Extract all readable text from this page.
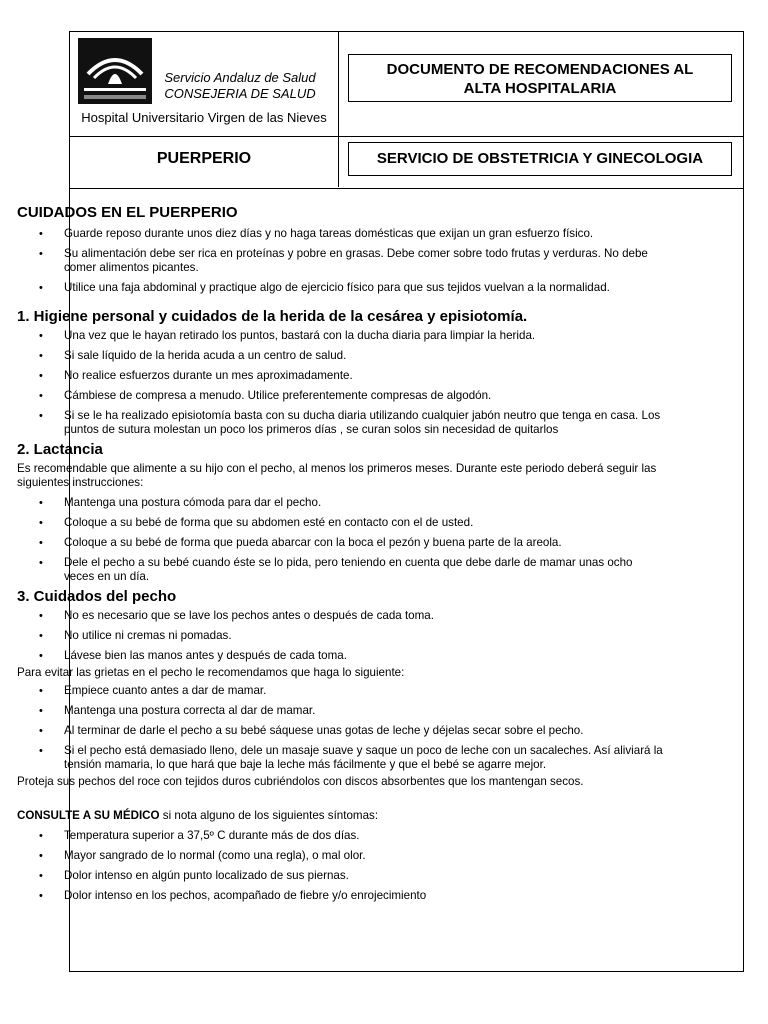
Servicio Andaluz de Salud
CONSEJERIA DE SALUD
Hospital Universitario Virgen de las Nieves
PUERPERIO
DOCUMENTO DE RECOMENDACIONES AL
ALTA HOSPITALARIA
SERVICIO DE OBSTETRICIA Y GINECOLOGIA
CUIDADOS EN EL PUERPERIO
• Guarde reposo durante unos diez días y no haga tareas domésticas que exijan un gran esfuerzo físico.
• Su alimentación debe ser rica en proteínas y pobre en grasas. Debe comer sobre todo frutas y verduras. No debe comer alimentos picantes.
• Utilice una faja abdominal y practique algo de ejercicio físico para que sus tejidos vuelvan a la normalidad.
1. Higiene personal y cuidados de la herida de la cesárea y episiotomía.
• Una vez que le hayan retirado los puntos, bastará con la ducha diaria para limpiar la herida.
• Si sale líquido de la herida acuda a un centro de salud.
• No realice esfuerzos durante un mes aproximadamente.
• Cámbiese de compresa a menudo. Utilice preferentemente compresas de algodón.
• Si se le ha realizado episiotomía basta con su ducha diaria utilizando cualquier jabón neutro que tenga en casa. Los puntos de sutura molestan un poco los primeros días , se curan solos sin necesidad de quitarlos
2. Lactancia

Es recomendable que alimente a su hijo con el pecho, al menos los primeros meses. Durante este periodo deberá seguir las siguientes instrucciones:

• Mantenga una postura cómoda para dar el pecho.
• Coloque a su bebé de forma que su abdomen esté en contacto con el de usted.
• Coloque a su bebé de forma que pueda abarcar con la boca el pezón y buena parte de la areola.
• Dele el pecho a su bebé cuando éste se lo pida, pero teniendo en cuenta que debe darle de mamar unas ocho veces en un día.
3. Cuidados del pecho
• No es necesario que se lave los pechos antes o después de cada toma.
• No utilice ni cremas ni pomadas.
• Lávese bien las manos antes y después de cada toma.

Para evitar las grietas en el pecho le recomendamos que haga lo siguiente:

• Empiece cuanto antes a dar de mamar.
• Mantenga una postura correcta al dar de mamar.
• Al terminar de darle el pecho a su bebé sáquese unas gotas de leche y déjelas secar sobre el pecho.
• Si el pecho está demasiado lleno, dele un masaje suave y saque un poco de leche con un sacaleches. Así aliviará la tensión mamaria, lo que hará que baje la leche más fácilmente y que el bebé se agarre mejor.

Proteja sus pechos del roce con tejidos duros cubriéndolos con discos absorbentes que los mantengan secos.

CONSULTE A SU MÉDICO si nota alguno de los siguientes síntomas:

• Temperatura superior a 37,5º C durante más de dos días.
• Mayor sangrado de lo normal (como una regla), o mal olor.
• Dolor intenso en algún punto localizado de sus piernas.
• Dolor intenso en los pechos, acompañado de fiebre y/o enrojecimiento
